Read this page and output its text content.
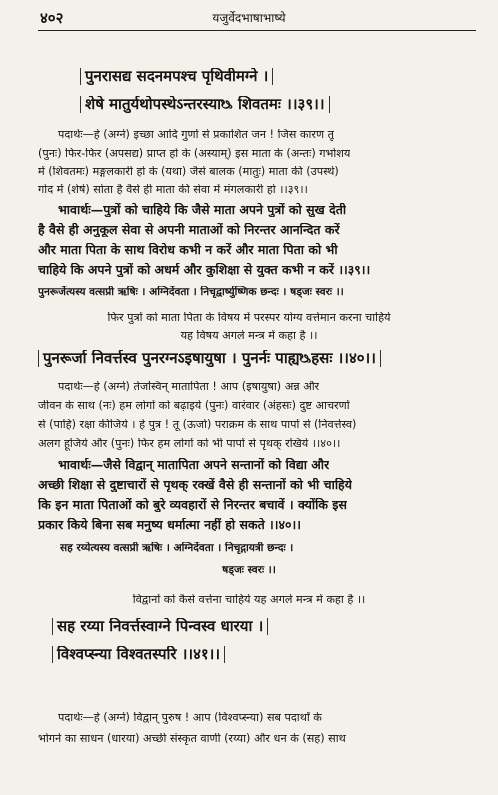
४०२	यजुर्वेदभाषाभाष्ये
पुनरासद्य सदनमपश्च पृथिवीमग्ने ।
शेषे मातुर्यथोपस्थेऽन्तरस्याᳬ शिवतमः ।।३९।।
पदार्थः—हे (अग्ने) इच्छा आदि गुणों से प्रकाशित जन ! जिस कारण तू
(पुनः) फिर-फिर (अपसद्य) प्राप्त हो के (अस्याम्) इस माता के (अन्तः) गर्भाशय
में (शिवतमः) मङ्गलकारी हो के (यथा) जैसे बालक (मातुः) माता की (उपस्थे)
गोद में (शेषे) सोता है वैसे ही माता की सेवा में मंगलकारी हो ।।३९।।
भावार्थः—पुत्रों को चाहिये कि जैसे माता अपने पुत्रों को सुख देती
है वैसे ही अनुकूल सेवा से अपनी माताओं को निरन्तर आनन्दित करें
और माता पिता के साथ विरोध कभी न करें और माता पिता को भी
चाहिये कि अपने पुत्रों को अधर्म और कुशिक्षा से युक्त कभी न करें ।।३९।।
पुनरूर्जेत्यस्य वत्सप्री ऋषिः । अग्निर्देवता । निचृद्वार्ष्युष्णिक छन्दः । षड्जः स्वरः ।।
फिर पुत्रों को माता पिता के विषय में परस्पर योग्य वर्त्तमान करना चाहिये
यह विषय अगले मन्त्र में कहा है ।।
पुनरूर्जा निवर्त्तस्व पुनरग्नऽइषायुषा । पुनर्नः पाह्यᳬहसः ।।४०।।
पदार्थः—हे (अग्ने) तेजस्विन् मातापिता ! आप (इषायुषा) अन्न और
जीवन के साथ (नः) हम लोगों को बढ़ाइये (पुनः) वारंवार (अंहसः) दुष्ट आचरणों
से (पाहि) रक्षा कीजिये । हे पुत्र ! तू (ऊर्जा) पराक्रम के साथ पापों से (निवर्त्तस्व)
अलग हूजिये और (पुनः) फिर हम लोगों को भी पापों से पृथक् रखिये ।।४०।।
भावार्थः—जैसे विद्वान् मातापिता अपने सन्तानों को विद्या और
अच्छी शिक्षा से दुष्टाचारों से पृथक् रक्खें वैसे ही सन्तानों को भी चाहिये
कि इन माता पिताओं को बुरे व्यवहारों से निरन्तर बचावें । क्योंकि इस
प्रकार किये बिना सब मनुष्य धर्मात्मा नहीं हो सकते ।।४०।।
सह रय्येत्यस्य वत्सप्री ऋषिः । अग्निर्देवता । निचृद्गायत्री छन्दः ।
षड्जः स्वरः ।।
विद्वानों को कैसे वर्त्तना चाहिये यह अगले मन्त्र में कहा है ।।
सह रय्या निवर्त्तस्वाग्ने पिन्वस्व धारया ।
विश्वप्स्न्या विश्वतस्परि ।।४१।।
पदार्थः—हे (अग्ने) विद्वान् पुरुष ! आप (विश्वप्स्न्या) सब पदार्थों के
भोगने का साधन (धारया) अच्छी संस्कृत वाणी (रय्या) और धन के (सह) साथ
